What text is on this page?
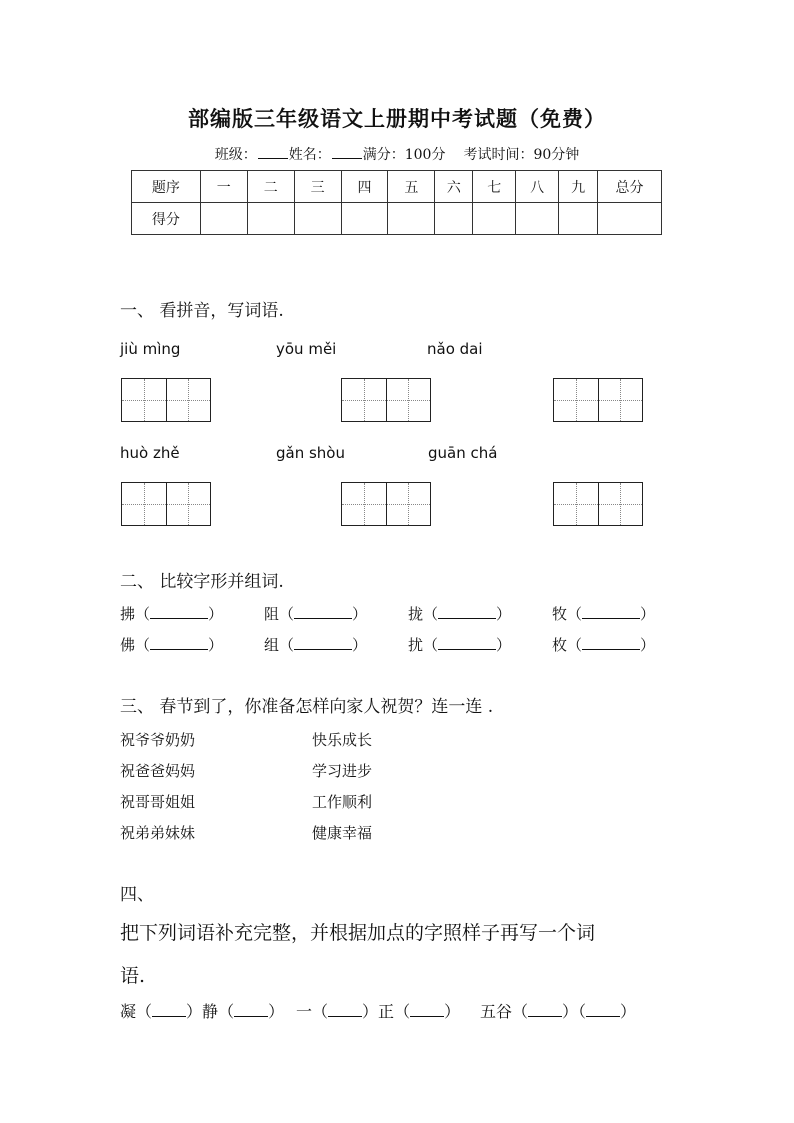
部编版三年级语文上册期中考试题（免费）
班级： 姓名： 满分：100分 考试时间：90分钟
题序	一	二	三	四	五	六	七	八	九	总分
得分										
一、 看拼音，写词语.
jiù mìng	yōu měi	nǎo dai
huò zhě	gǎn shòu	guān chá
二、 比较字形并组词.
拂（	）	阻（	）	拢（	）	牧（	）
佛（	）	组（	）	扰（	）	枚（	）
三、 春节到了，你准备怎样向家人祝贺？连一连 .
祝爷爷奶奶
祝爸爸妈妈
祝哥哥姐姐
祝弟弟妹妹
快乐成长
学习进步
工作顺利
健康幸福
四、
把下列词语补充完整，并根据加点的字照样子再写一个词
语.
凝（ ）静（ ） 一（ ）正（ ） 五谷（ ）（ ）
